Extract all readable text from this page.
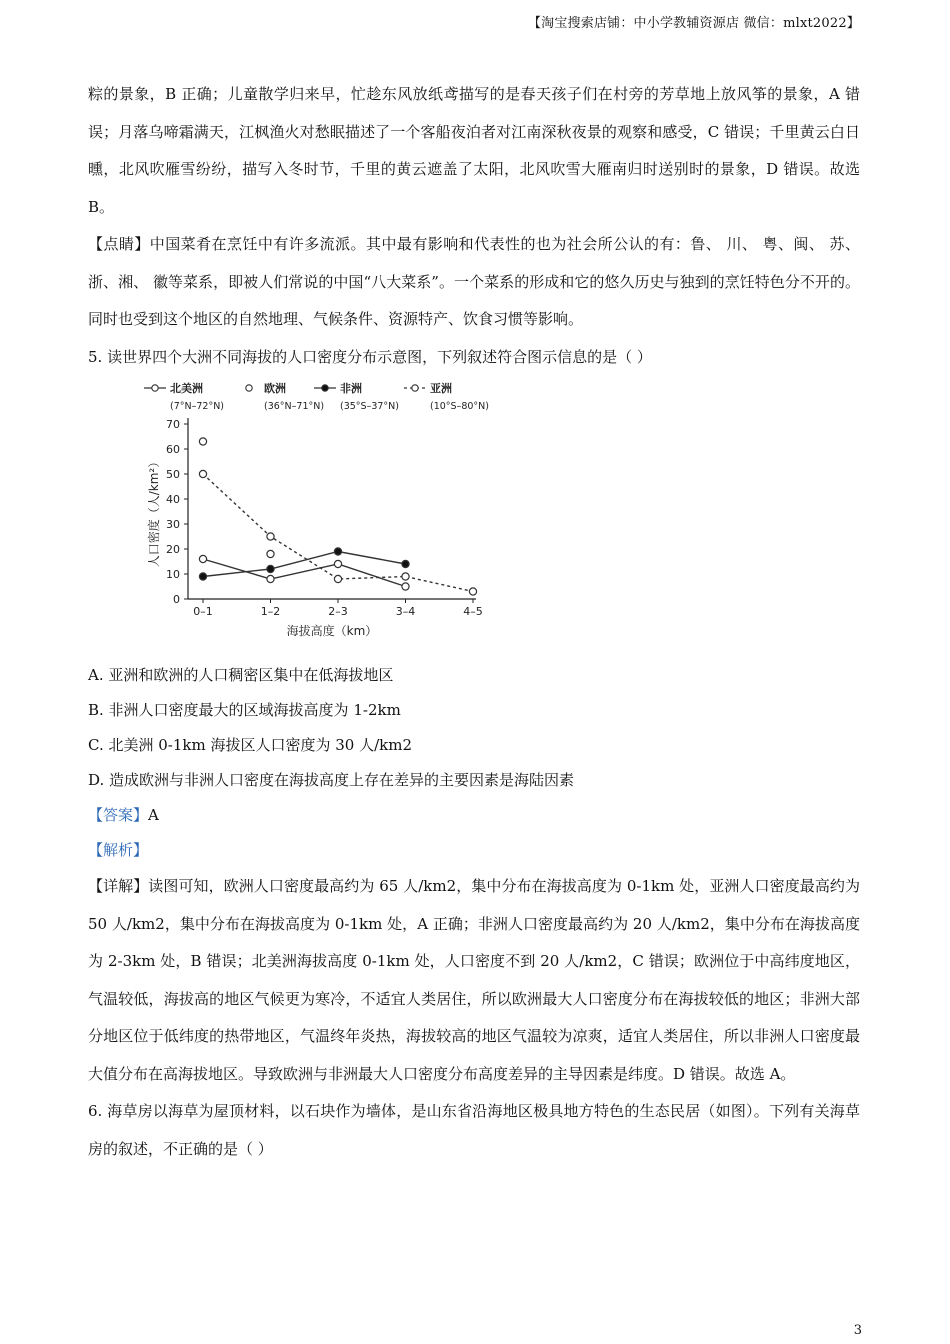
【淘宝搜索店铺：中小学教辅资源店 微信：mlxt2022】

粽的景象，B 正确；儿童散学归来早，忙趁东风放纸鸢描写的是春天孩子们在村旁的芳草地上放风筝的景象，A 错误；月落乌啼霜满天，江枫渔火对愁眠描述了一个客船夜泊者对江南深秋夜景的观察和感受，C 错误；千里黄云白日曛，北风吹雁雪纷纷，描写入冬时节，千里的黄云遮盖了太阳，北风吹雪大雁南归时送别时的景象，D 错误。故选 B。

【点睛】中国菜肴在烹饪中有许多流派。其中最有影响和代表性的也为社会所公认的有：鲁、 川、 粤、闽、 苏、 浙、湘、 徽等菜系，即被人们常说的中国“八大菜系”。一个菜系的形成和它的悠久历史与独到的烹饪特色分不开的。同时也受到这个地区的自然地理、气候条件、资源特产、饮食习惯等影响。

5. 读世界四个大洲不同海拔的人口密度分布示意图，下列叙述符合图示信息的是（ ）

0
10
20
30
40
50
60
70
0–1	1–2	2–3	3–4	4–5
海拔高度（km）
人口密度（人/km²）
北美洲
(7°N–72°N)
欧洲
(36°N–71°N)
非洲
(35°S–37°N)
亚洲
(10°S–80°N)

A. 亚洲和欧洲的人口稠密区集中在低海拔地区

B. 非洲人口密度最大的区域海拔高度为 1-2km

C. 北美洲 0-1km 海拔区人口密度为 30 人/km2

D. 造成欧洲与非洲人口密度在海拔高度上存在差异的主要因素是海陆因素

【答案】A

【解析】

【详解】读图可知，欧洲人口密度最高约为 65 人/km2，集中分布在海拔高度为 0-1km 处，亚洲人口密度最高约为 50 人/km2，集中分布在海拔高度为 0-1km 处，A 正确；非洲人口密度最高约为 20 人/km2，集中分布在海拔高度为 2-3km 处，B 错误；北美洲海拔高度 0-1km 处，人口密度不到 20 人/km2，C 错误；欧洲位于中高纬度地区，气温较低，海拔高的地区气候更为寒冷，不适宜人类居住，所以欧洲最大人口密度分布在海拔较低的地区；非洲大部分地区位于低纬度的热带地区，气温终年炎热，海拔较高的地区气温较为凉爽，适宜人类居住，所以非洲人口密度最大值分布在高海拔地区。导致欧洲与非洲最大人口密度分布高度差异的主导因素是纬度。D 错误。故选 A。

6. 海草房以海草为屋顶材料，以石块作为墙体，是山东省沿海地区极具地方特色的生态民居（如图）。下列有关海草房的叙述，不正确的是（ ）

3
